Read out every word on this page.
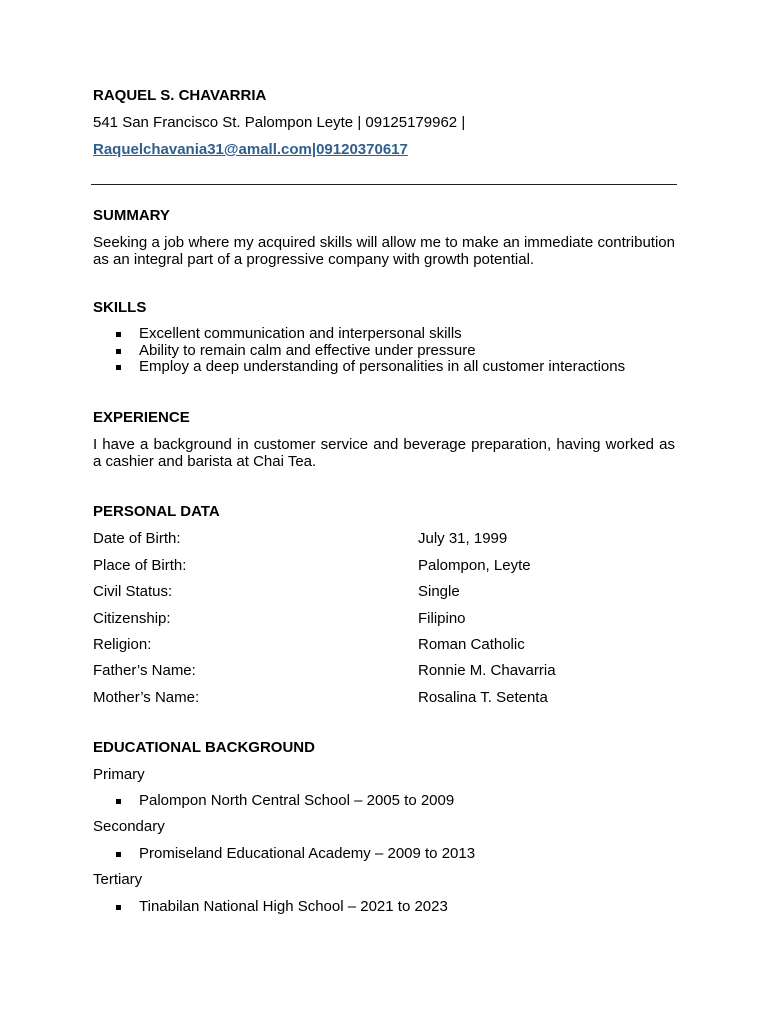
RAQUEL S. CHAVARRIA
541 San Francisco St. Palompon Leyte | 09125179962 |
Raquelchavania31@amall.com|09120370617
SUMMARY
Seeking a job where my acquired skills will allow me to make an immediate contribution as an integral part of a progressive company with growth potential.
SKILLS
Excellent communication and interpersonal skills
Ability to remain calm and effective under pressure
Employ a deep understanding of personalities in all customer interactions
EXPERIENCE
I have a background in customer service and beverage preparation, having worked as a cashier and barista at Chai Tea.
PERSONAL DATA
Date of Birth:	July 31, 1999
Place of Birth:	Palompon, Leyte
Civil Status:	Single
Citizenship:	Filipino
Religion:	Roman Catholic
Father’s Name:	Ronnie M. Chavarria
Mother’s Name:	Rosalina T. Setenta
EDUCATIONAL BACKGROUND
Primary
Palompon North Central School – 2005 to 2009
Secondary
Promiseland Educational Academy – 2009 to 2013
Tertiary
Tinabilan National High School – 2021 to 2023
